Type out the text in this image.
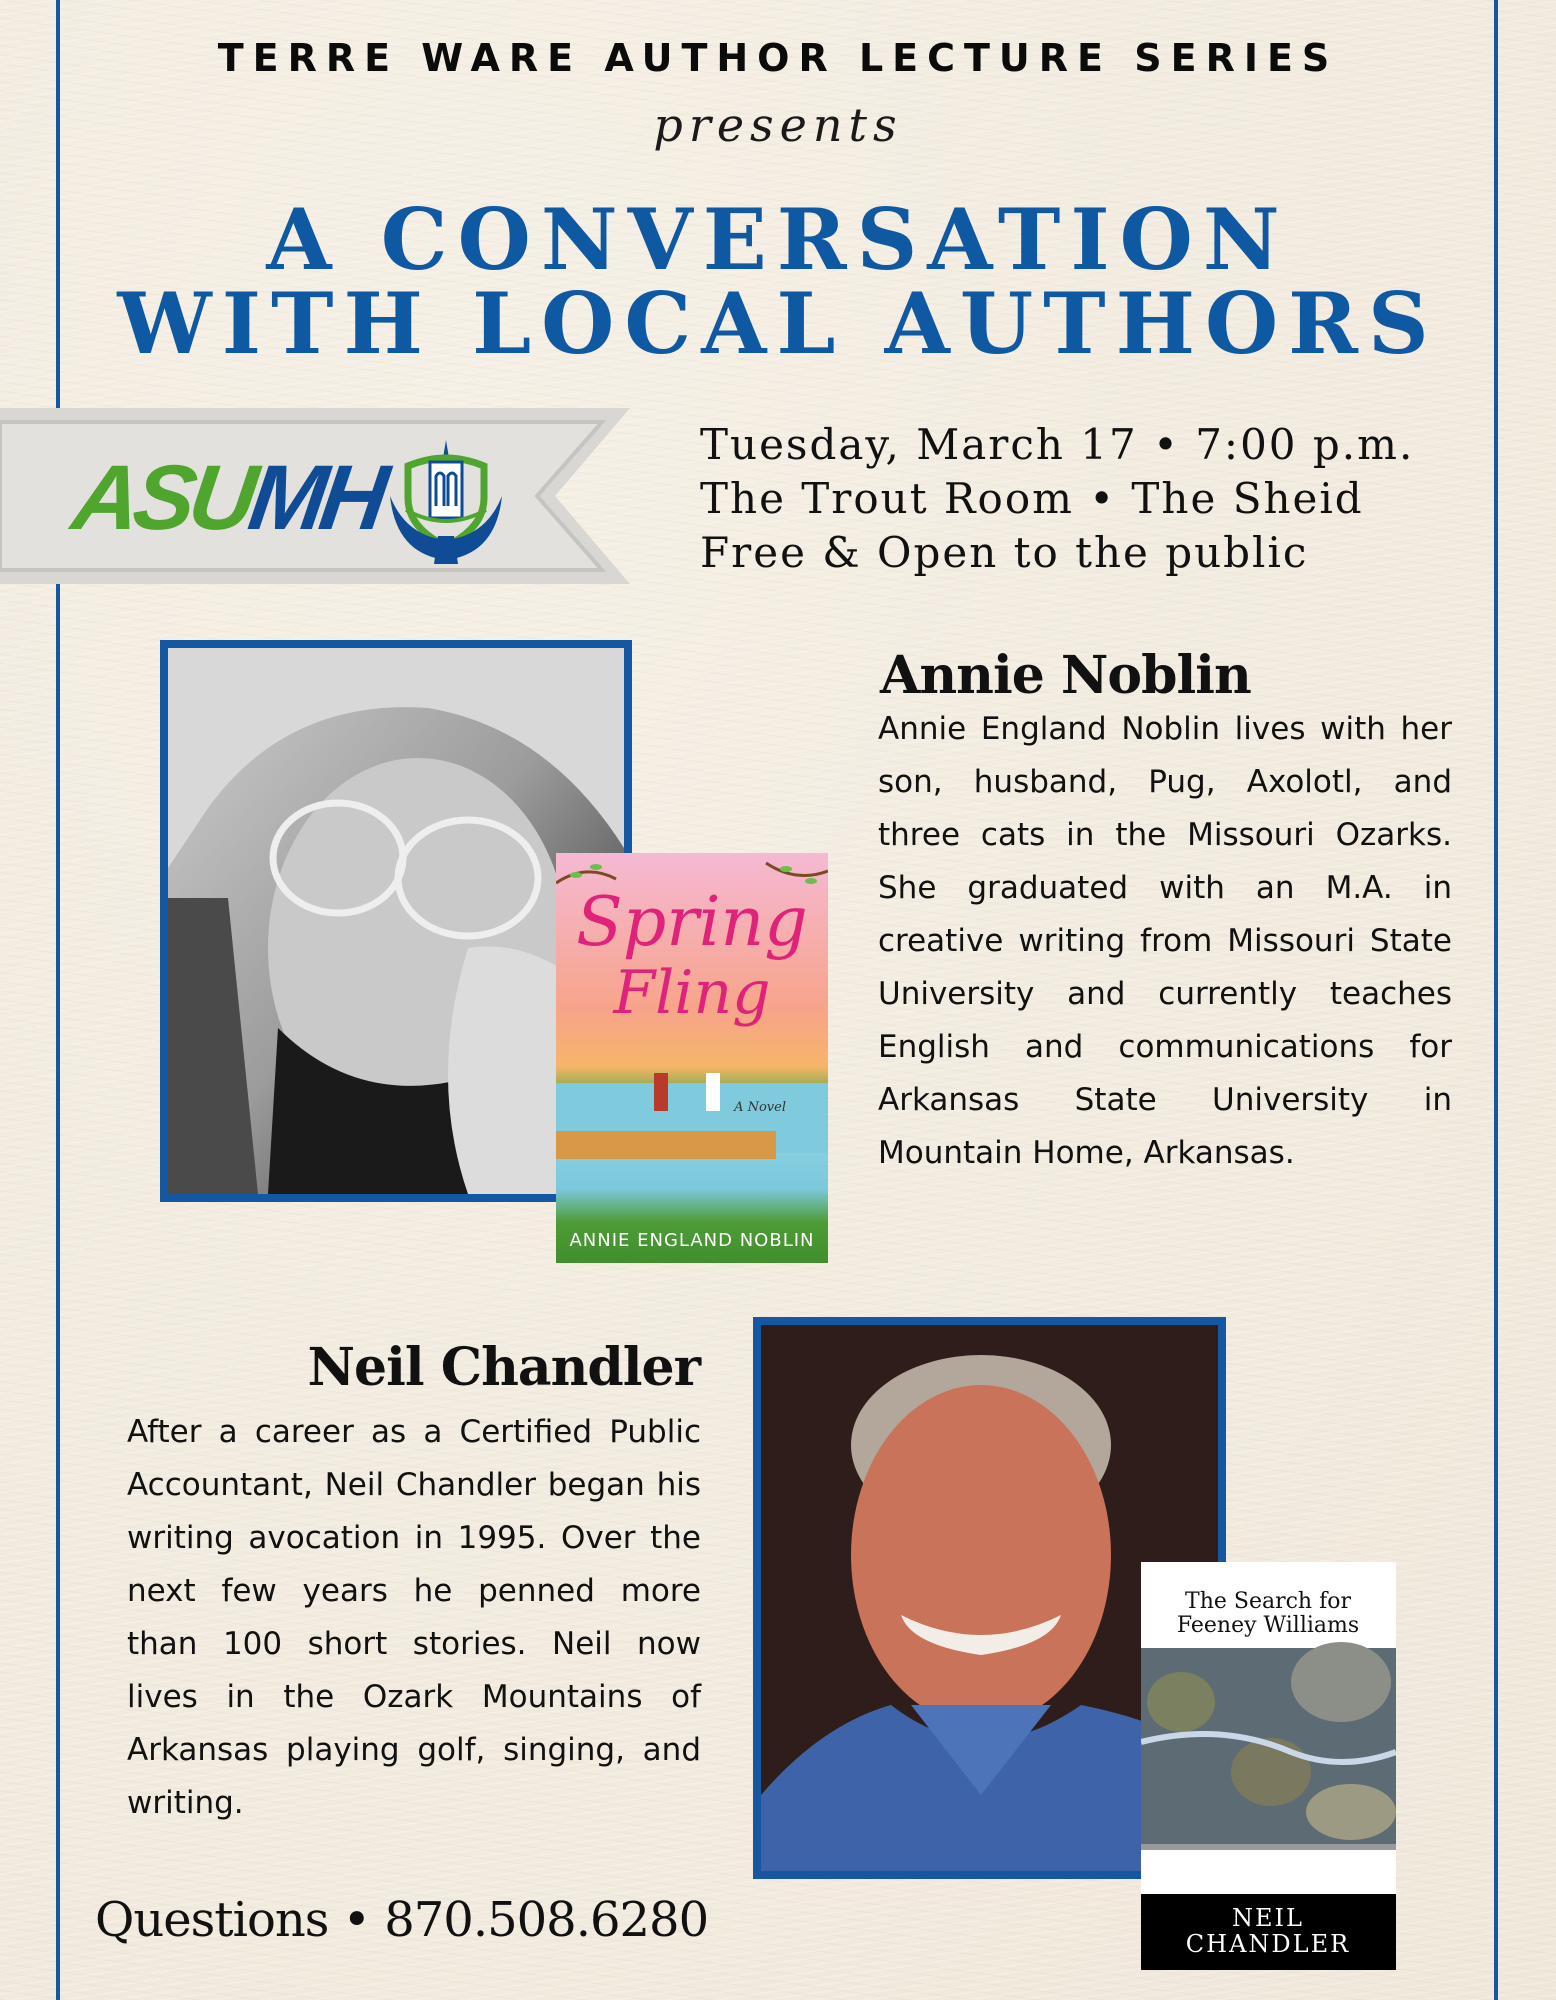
TERRE WARE AUTHOR LECTURE SERIES
presents
A CONVERSATION
WITH LOCAL AUTHORS
ASUMH
Tuesday, March 17 • 7:00 p.m.
The Trout Room • The Sheid
Free & Open to the public
Spring
Fling
A Novel
ANNIE ENGLAND NOBLIN
Annie Noblin
Annie England Noblin lives with her son, husband, Pug, Axolotl, and three cats in the Missouri Ozarks. She graduated with an M.A. in creative writing from Missouri State University and currently teaches English and communications for Arkansas State University in Mountain Home, Arkansas.
Neil Chandler
After a career as a Certified Public Accountant, Neil Chandler began his writing avocation in 1995. Over the next few years he penned more than 100 short stories. Neil now lives in the Ozark Mountains of Arkansas playing golf, singing, and writing.
The Search for
Feeney Williams
NEIL
CHANDLER
Questions • 870.508.6280
